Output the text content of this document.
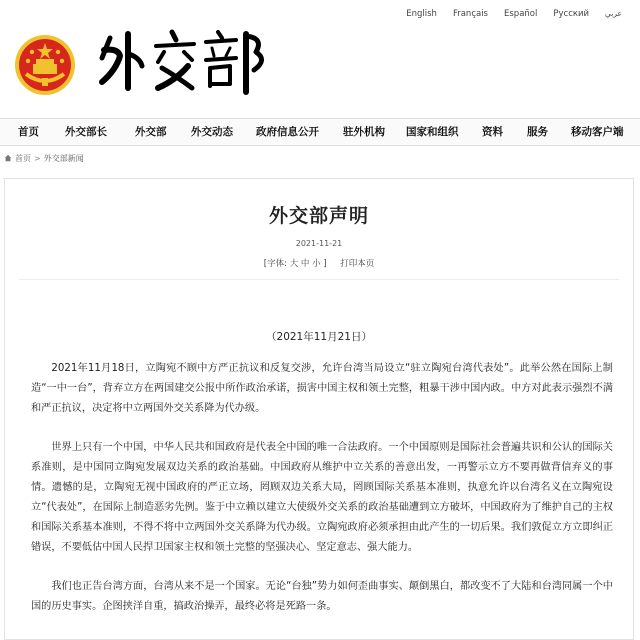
English Français Español Русский عربي
首页 外交部长	外交部 外交动态 政府信息公开 驻外机构 国家和组织 资料 服务 移动客户端
首页 > 外交部新闻
外交部声明
2021-11-21
[字体: 大 中 小 ] 打印本页
（2021年11月21日）

2021年11月18日，立陶宛不顾中方严正抗议和反复交涉，允许台湾当局设立“驻立陶宛台湾代表处”。此举公然在国际上制造“一中一台”，背弃立方在两国建交公报中所作政治承诺，损害中国主权和领土完整，粗暴干涉中国内政。中方对此表示强烈不满和严正抗议，决定将中立两国外交关系降为代办级。

世界上只有一个中国，中华人民共和国政府是代表全中国的唯一合法政府。一个中国原则是国际社会普遍共识和公认的国际关系准则，是中国同立陶宛发展双边关系的政治基础。中国政府从维护中立关系的善意出发，一再警示立方不要再做背信弃义的事情。遗憾的是，立陶宛无视中国政府的严正立场，罔顾双边关系大局，罔顾国际关系基本准则，执意允许以台湾名义在立陶宛设立“代表处”，在国际上制造恶劣先例。鉴于中立赖以建立大使级外交关系的政治基础遭到立方破坏，中国政府为了维护自己的主权和国际关系基本准则，不得不将中立两国外交关系降为代办级。立陶宛政府必须承担由此产生的一切后果。我们敦促立方立即纠正错误，不要低估中国人民捍卫国家主权和领土完整的坚强决心、坚定意志、强大能力。

我们也正告台湾方面，台湾从来不是一个国家。无论“台独”势力如何歪曲事实、颠倒黑白，都改变不了大陆和台湾同属一个中国的历史事实。企图挟洋自重，搞政治操弄，最终必将是死路一条。
